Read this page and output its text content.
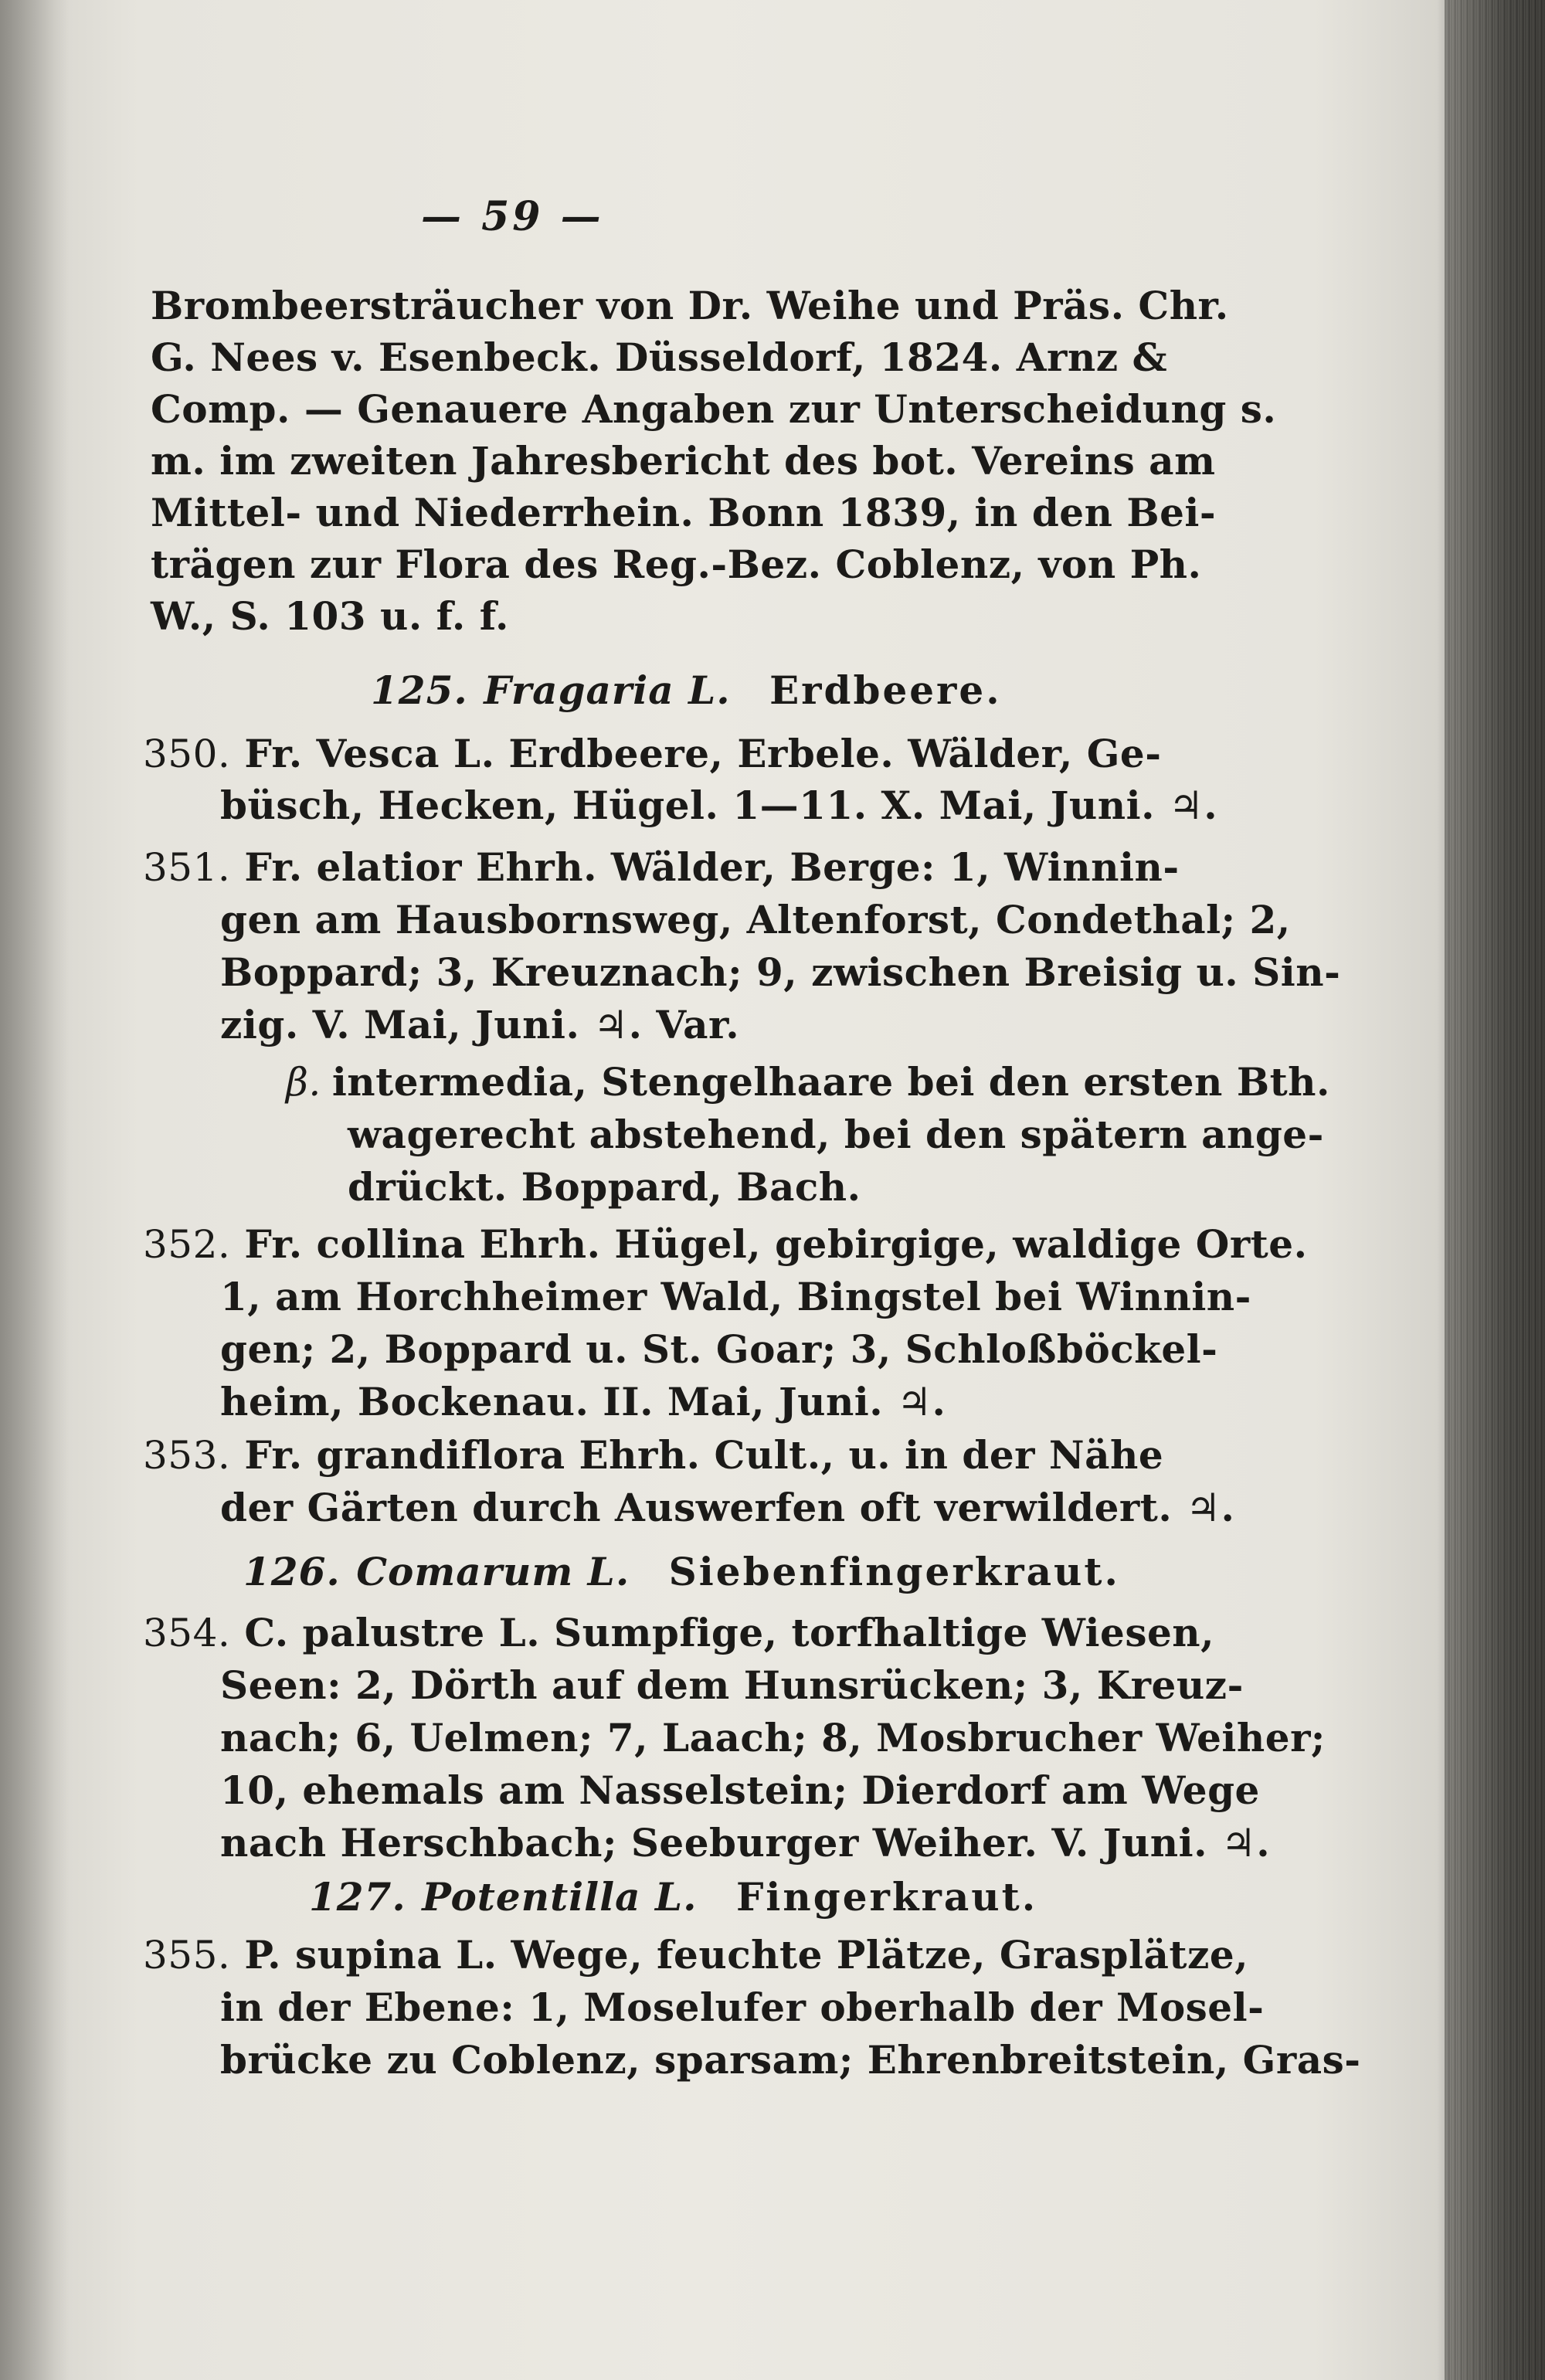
— 59 —
Brombeersträucher von Dr. Weihe und Präs. Chr.
G. Nees v. Esenbeck. Düsseldorf, 1824. Arnz &
Comp. — Genauere Angaben zur Unterscheidung s.
m. im zweiten Jahresbericht des bot. Vereins am
Mittel- und Niederrhein. Bonn 1839, in den Bei-
trägen zur Flora des Reg.-Bez. Coblenz, von Ph.
W., S. 103 u. f. f.
125. Fragaria L. Erdbeere.
350. Fr. Vesca L. Erdbeere, Erbele. Wälder, Ge-
büsch, Hecken, Hügel. 1—11. X. Mai, Juni. ♃.
351. Fr. elatior Ehrh. Wälder, Berge: 1, Winnin-
gen am Hausbornsweg, Altenforst, Condethal; 2,
Boppard; 3, Kreuznach; 9, zwischen Breisig u. Sin-
zig. V. Mai, Juni. ♃. Var.
β. intermedia, Stengelhaare bei den ersten Bth.
wagerecht abstehend, bei den spätern ange-
drückt. Boppard, Bach.
352. Fr. collina Ehrh. Hügel, gebirgige, waldige Orte.
1, am Horchheimer Wald, Bingstel bei Winnin-
gen; 2, Boppard u. St. Goar; 3, Schloßböckel-
heim, Bockenau. II. Mai, Juni. ♃.
353. Fr. grandiflora Ehrh. Cult., u. in der Nähe
der Gärten durch Auswerfen oft verwildert. ♃.
126. Comarum L. Siebenfingerkraut.
354. C. palustre L. Sumpfige, torfhaltige Wiesen,
Seen: 2, Dörth auf dem Hunsrücken; 3, Kreuz-
nach; 6, Uelmen; 7, Laach; 8, Mosbrucher Weiher;
10, ehemals am Nasselstein; Dierdorf am Wege
nach Herschbach; Seeburger Weiher. V. Juni. ♃.
127. Potentilla L. Fingerkraut.
355. P. supina L. Wege, feuchte Plätze, Grasplätze,
in der Ebene: 1, Moselufer oberhalb der Mosel-
brücke zu Coblenz, sparsam; Ehrenbreitstein, Gras-
